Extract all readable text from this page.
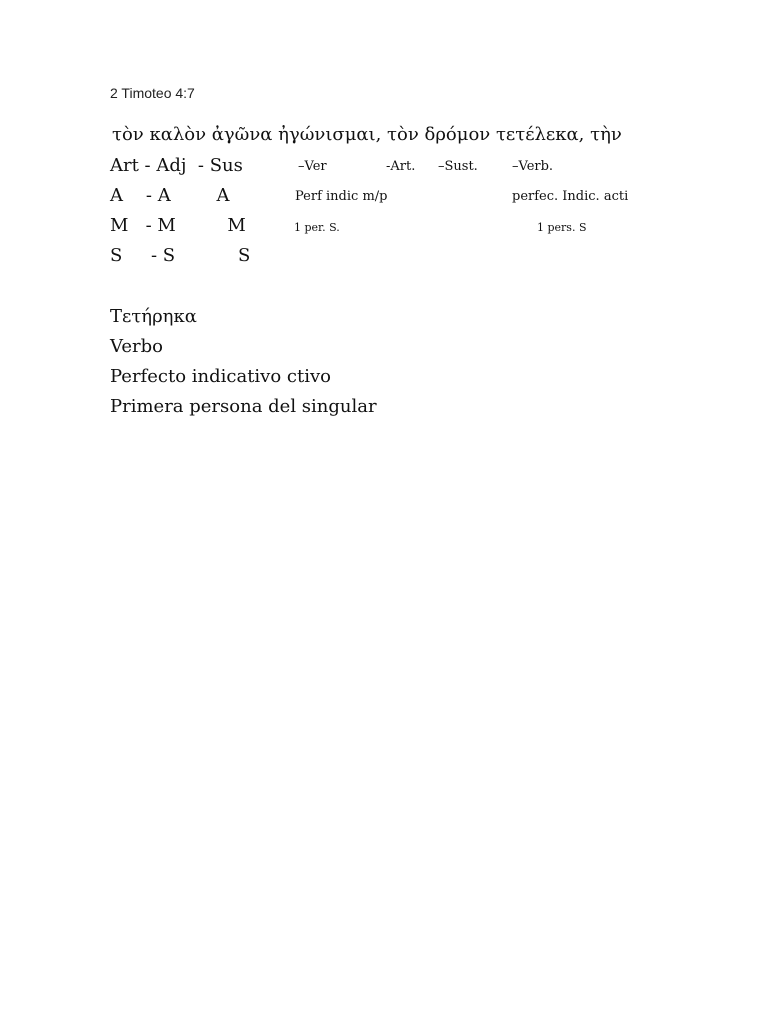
2 Timoteo 4:7
τὸν καλὸν ἀγῶνα ἠγώνισμαι, τὸν δρόμον τετέλεκα, τὴν
Art - Adj  - Sus	–Ver	-Art. –Sust.	–Verb.
A    - A        A	Perf indic m/p	perfec. Indic. acti
M   - M         M	1 per. S.	1 pers. S
S     - S           S
Τετήρηκα
Verbo
Perfecto indicativo ctivo
Primera persona del singular
